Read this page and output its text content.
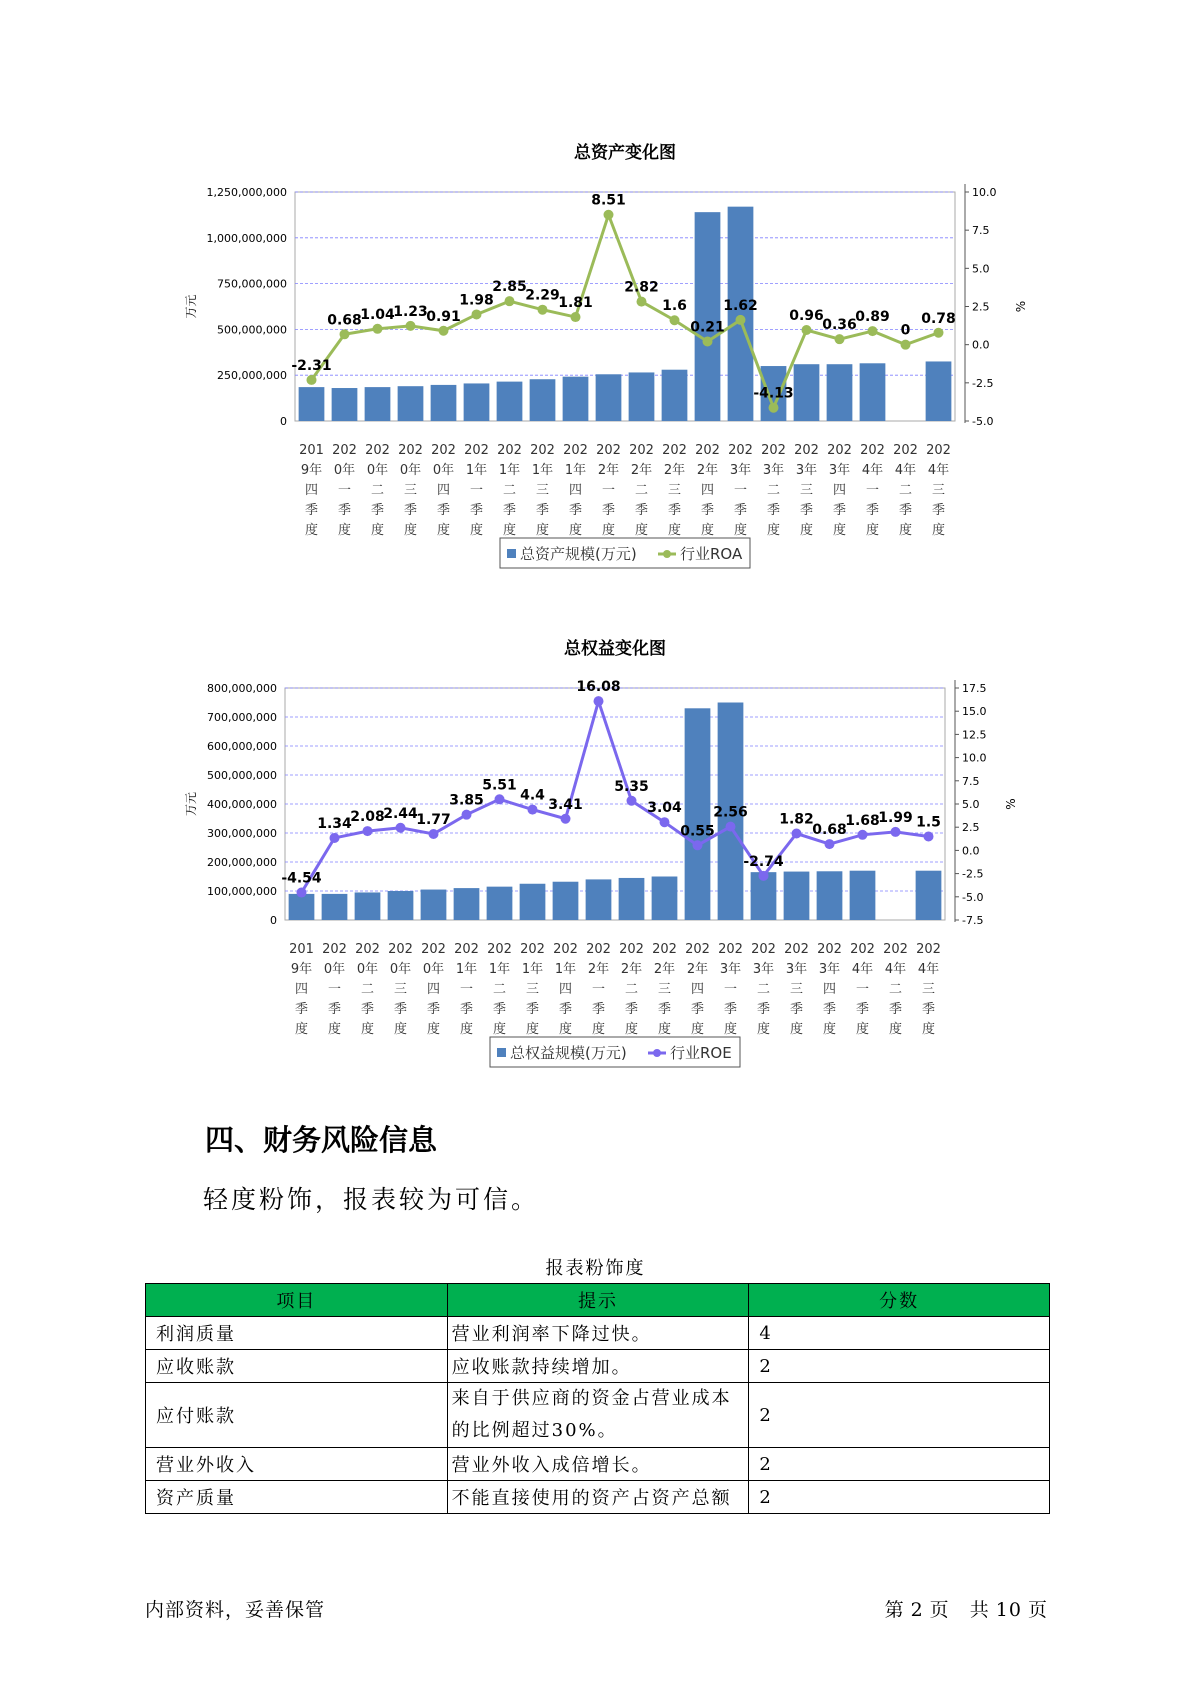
总资产变化图
0
250,000,000
500,000,000
750,000,000
1,000,000,000
1,250,000,000
-5.0
-2.5
0.0
2.5
5.0
7.5
10.0
万元	%
-2.31
0.68
1.04
1.23
0.91
1.98
2.85
2.29
1.81
8.51
2.82
1.6
0.21
1.62
-4.13
0.96
0.36
0.89
0
0.78
201
9年
四
季
度
202
0年
一
季
度
202
0年
二
季
度
202
0年
三
季
度
202
0年
四
季
度
202
1年
一
季
度
202
1年
二
季
度
202
1年
三
季
度
202
1年
四
季
度
202
2年
一
季
度
202
2年
二
季
度
202
2年
三
季
度
202
2年
四
季
度
202
3年
一
季
度
202
3年
二
季
度
202
3年
三
季
度
202
3年
四
季
度
202
4年
一
季
度
202
4年
二
季
度
202
4年
三
季
度
总资产规模(万元)	行业ROA
总权益变化图
0
100,000,000
200,000,000
300,000,000
400,000,000
500,000,000
600,000,000
700,000,000
800,000,000
-7.5
-5.0
-2.5
0.0
2.5
5.0
7.5
10.0
12.5
15.0
17.5
万元	%
-4.54
1.34
2.08
2.44
1.77
3.85
5.51
4.4
3.41
16.08
5.35
3.04
0.55
2.56
-2.74
1.82
0.68
1.68
1.99 1.5
201
9年
四
季
度
202
0年
一
季
度
202
0年
二
季
度
202
0年
三
季
度
202
0年
四
季
度
202
1年
一
季
度
202
1年
二
季
度
202
1年
三
季
度
202
1年
四
季
度
202
2年
一
季
度
202
2年
二
季
度
202
2年
三
季
度
202
2年
四
季
度
202
3年
一
季
度
202
3年
二
季
度
202
3年
三
季
度
202
3年
四
季
度
202
4年
一
季
度
202
4年
二
季
度
202
4年
三
季
度
总权益规模(万元)	行业ROE
四、财务风险信息
轻度粉饰，报表较为可信。
报表粉饰度
项目	提示	分数
利润质量	营业利润率下降过快。	4
应收账款	应收账款持续增加。	2
应付账款	来自于供应商的资金占营业成本的比例超过30%。	2
营业外收入	营业外收入成倍增长。	2
资产质量	不能直接使用的资产占资产总额	2
内部资料，妥善保管	第 2 页 共 10 页
